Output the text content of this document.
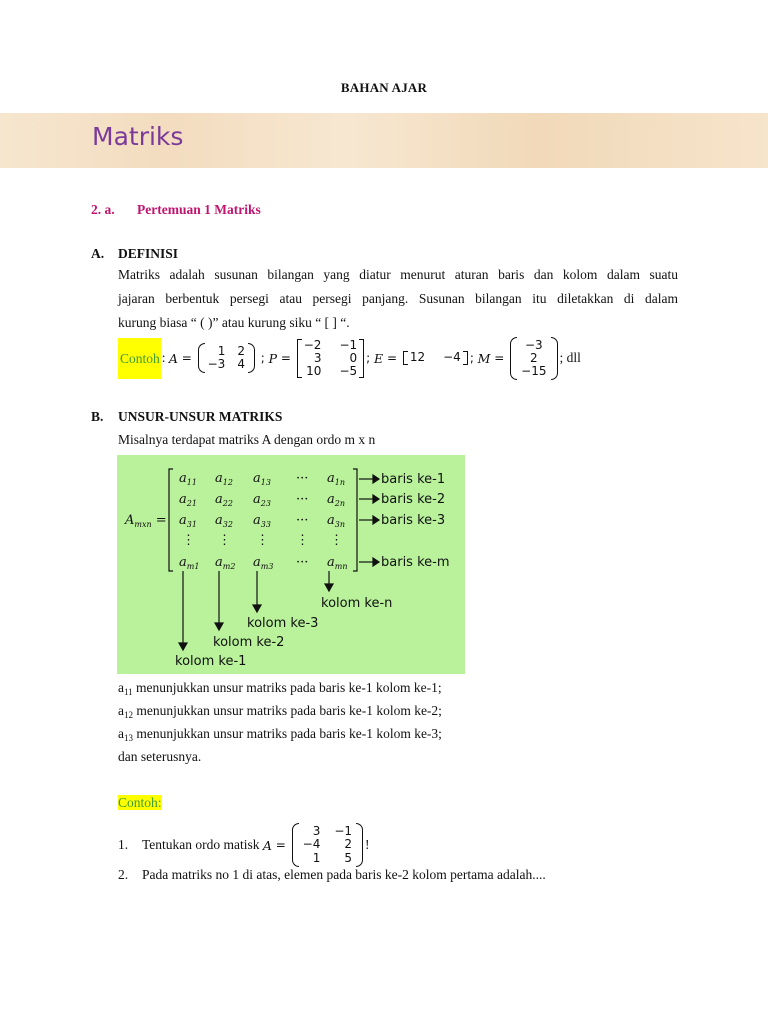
BAHAN AJAR
Matriks
2. a. Pertemuan 1 Matriks
A. DEFINISI
Matriks adalah susunan bilangan yang diatur menurut aturan baris dan kolom dalam suatu
jajaran berbentuk persegi atau persegi panjang. Susunan bilangan itu diletakkan di dalam
kurung biasa “ ( )” atau kurung siku “ [ ] “.
Contoh :
A =	1 2
−3 4 ; P =
−2 −1
3	0
10 −5
; E = 12 −4 ; M =
−3
2
−15
; dll
B. UNSUR-UNSUR MATRIKS
Misalnya terdapat matriks A dengan ordo m x n
$A_{mxn}$ =
$a_{11}$ $a_{12}$ $a_{13}$ ··· $a_{1n}$
$a_{21}$ $a_{22}$ $a_{23}$ ··· $a_{2n}$
$a_{31}$ $a_{32}$ $a_{33}$ ··· $a_{3n}$
⋮ ⋮ ⋮ ⋮ ⋮
$a_{m1}$ $a_{m2}$ $a_{m3}$ ··· $a_{mn}$
baris ke-1
baris ke-2
baris ke-3
baris ke-m
kolom ke-1
kolom ke-2
kolom ke-3
kolom ke-n
$a_{11}$ menunjukkan unsur matriks pada baris ke-1 kolom ke-1;
$a_{12}$ menunjukkan unsur matriks pada baris ke-1 kolom ke-2;
$a_{13}$ menunjukkan unsur matriks pada baris ke-1 kolom ke-3;
dan seterusnya.
Contoh:
1.	Tentukan ordo matisk
A =
3 −1
−4	2
1	5
!
2. Pada matriks no 1 di atas, elemen pada baris ke-2 kolom pertama adalah....
